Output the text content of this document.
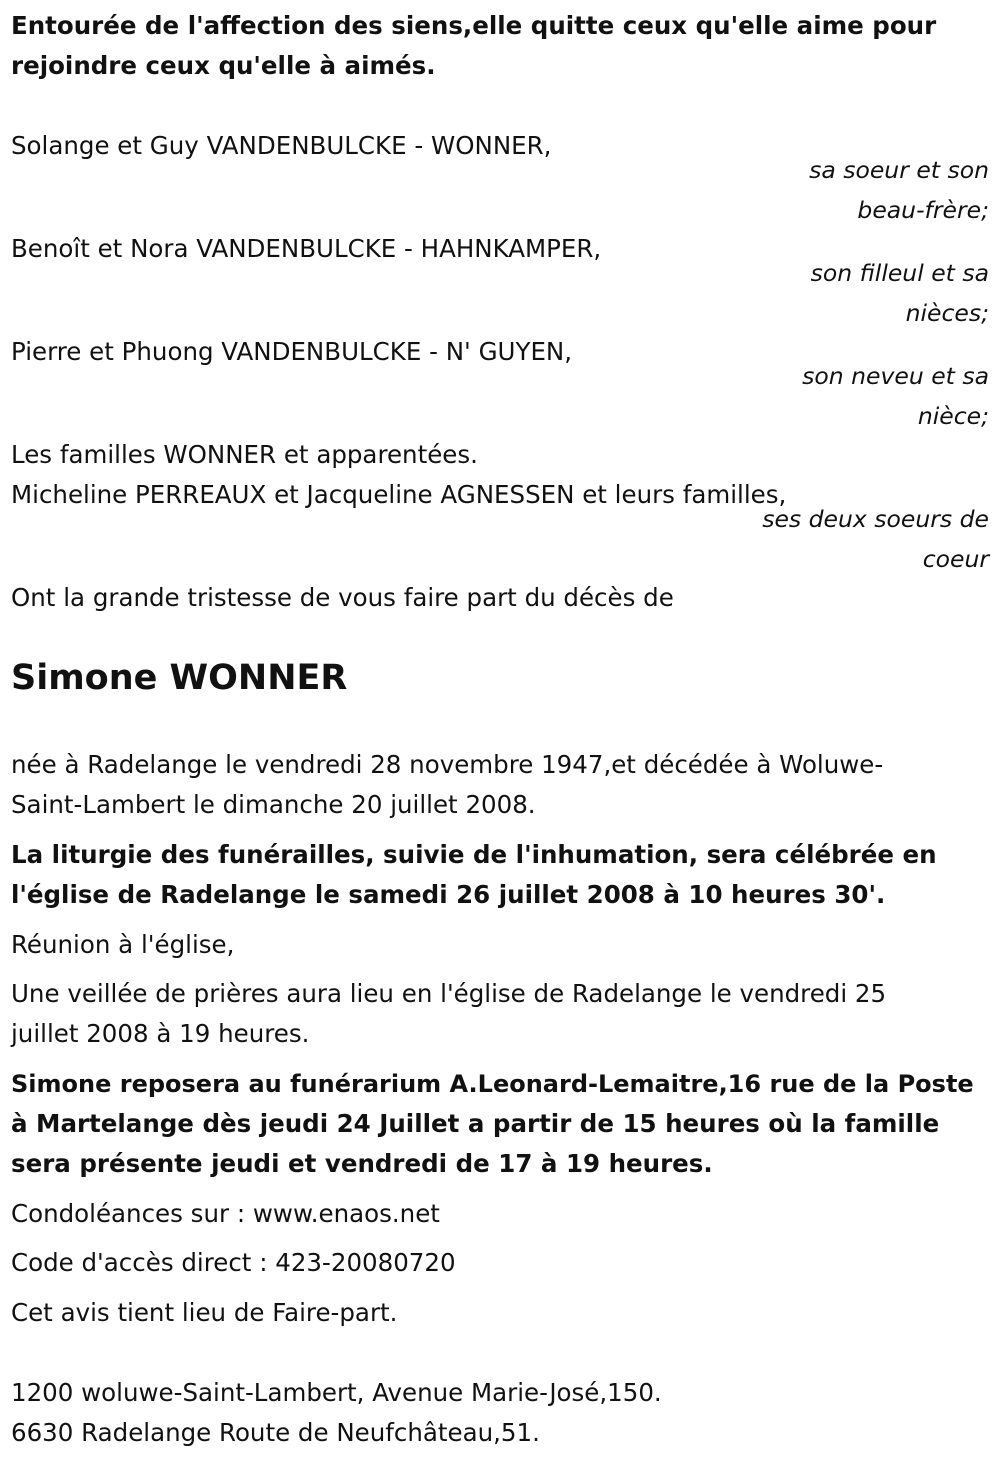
Entourée de l'affection des siens,elle quitte ceux qu'elle aime pour
rejoindre ceux qu'elle à aimés.
Solange et Guy VANDENBULCKE - WONNER,
sa soeur et son
beau-frère;
Benoît et Nora VANDENBULCKE - HAHNKAMPER,
son filleul et sa
nièces;
Pierre et Phuong VANDENBULCKE - N' GUYEN,
son neveu et sa
nièce;
Les familles WONNER et apparentées.
Micheline PERREAUX et Jacqueline AGNESSEN et leurs familles,
ses deux soeurs de
coeur
Ont la grande tristesse de vous faire part du décès de
Simone WONNER
née à Radelange le vendredi 28 novembre 1947,et décédée à Woluwe-
Saint-Lambert le dimanche 20 juillet 2008.
La liturgie des funérailles, suivie de l'inhumation, sera célébrée en
l'église de Radelange le samedi 26 juillet 2008 à 10 heures 30'.
Réunion à l'église,
Une veillée de prières aura lieu en l'église de Radelange le vendredi 25
juillet 2008 à 19 heures.
Simone reposera au funérarium A.Leonard-Lemaitre,16 rue de la Poste
à Martelange dès jeudi 24 Juillet a partir de 15 heures où la famille
sera présente jeudi et vendredi de 17 à 19 heures.
Condoléances sur : www.enaos.net
Code d'accès direct : 423-20080720
Cet avis tient lieu de Faire-part.
1200 woluwe-Saint-Lambert, Avenue Marie-José,150.
6630 Radelange Route de Neufchâteau,51.
